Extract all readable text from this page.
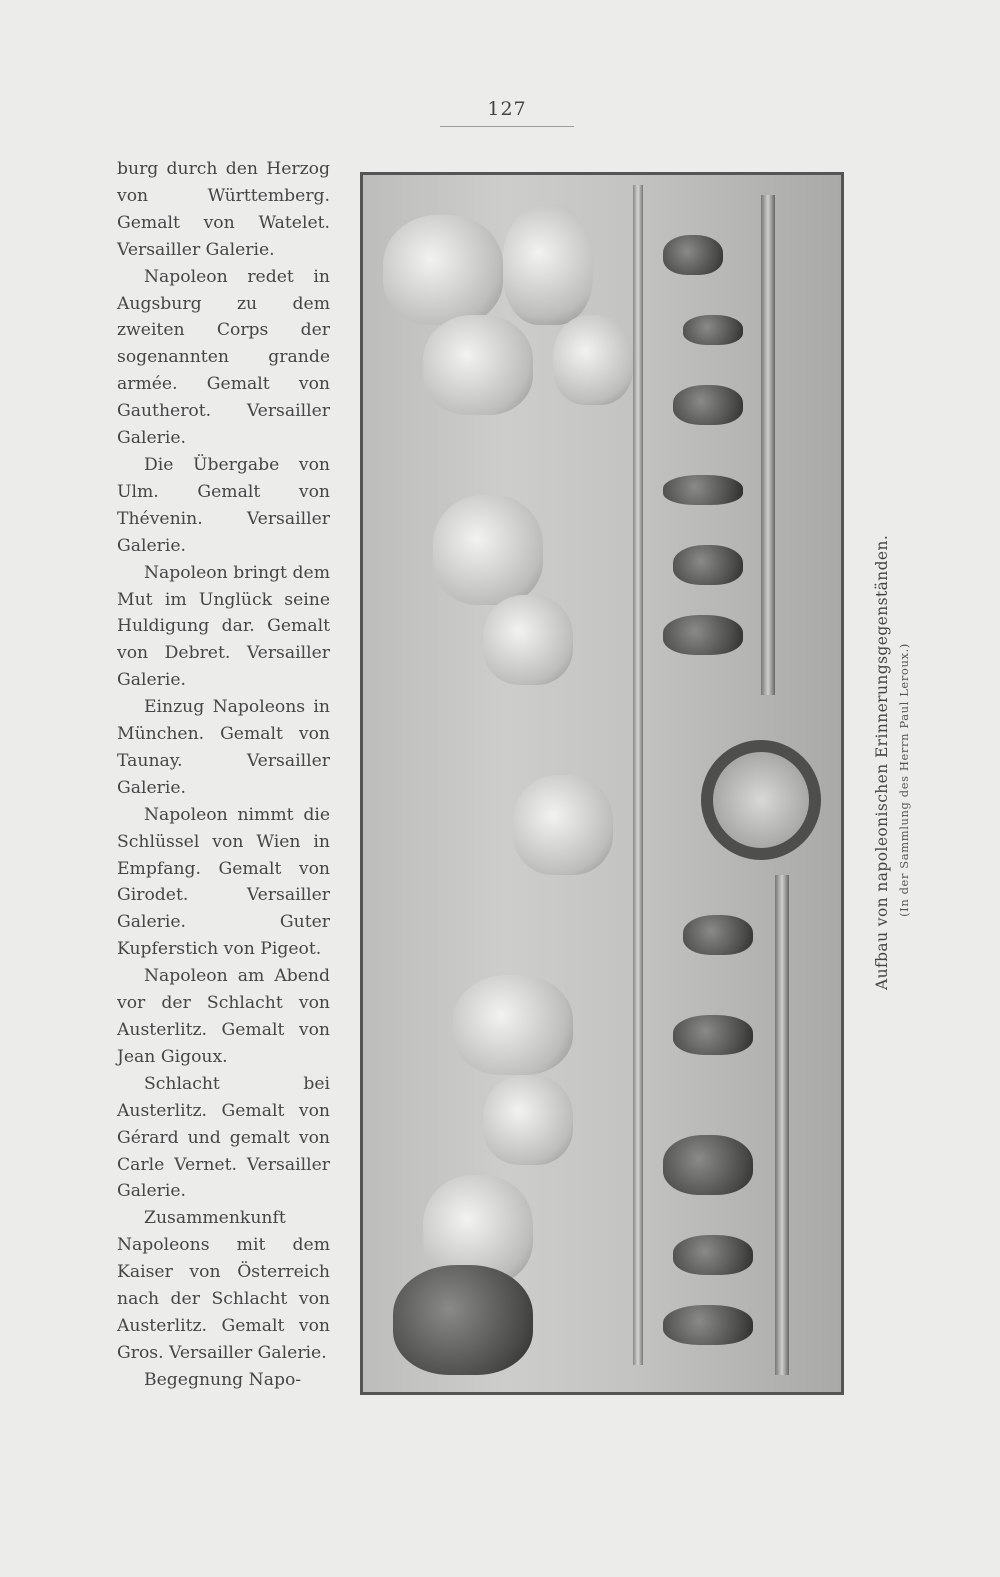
127

burg durch den Herzog von Württemberg. Gemalt von Watelet. Versailler Galerie.

Napoleon redet in Augsburg zu dem zweiten Corps der sogenannten grande armée. Gemalt von Gautherot. Versailler Galerie.

Die Übergabe von Ulm. Gemalt von Thévenin. Versailler Galerie.

Napoleon bringt dem Mut im Unglück seine Huldigung dar. Gemalt von Debret. Versailler Galerie.

Einzug Napoleons in München. Gemalt von Taunay. Versailler Galerie.

Napoleon nimmt die Schlüssel von Wien in Empfang. Gemalt von Girodet. Versailler Galerie. Guter Kupferstich von Pigeot.

Napoleon am Abend vor der Schlacht von Austerlitz. Gemalt von Jean Gigoux.

Schlacht bei Austerlitz. Gemalt von Gérard und gemalt von Carle Vernet. Versailler Galerie.

Zusammenkunft Napoleons mit dem Kaiser von Österreich nach der Schlacht von Austerlitz. Gemalt von Gros. Versailler Galerie.

Begegnung Napo-

Aufbau von napoleonischen Erinnerungsgegenständen. (In der Sammlung des Herrn Paul Leroux.)
